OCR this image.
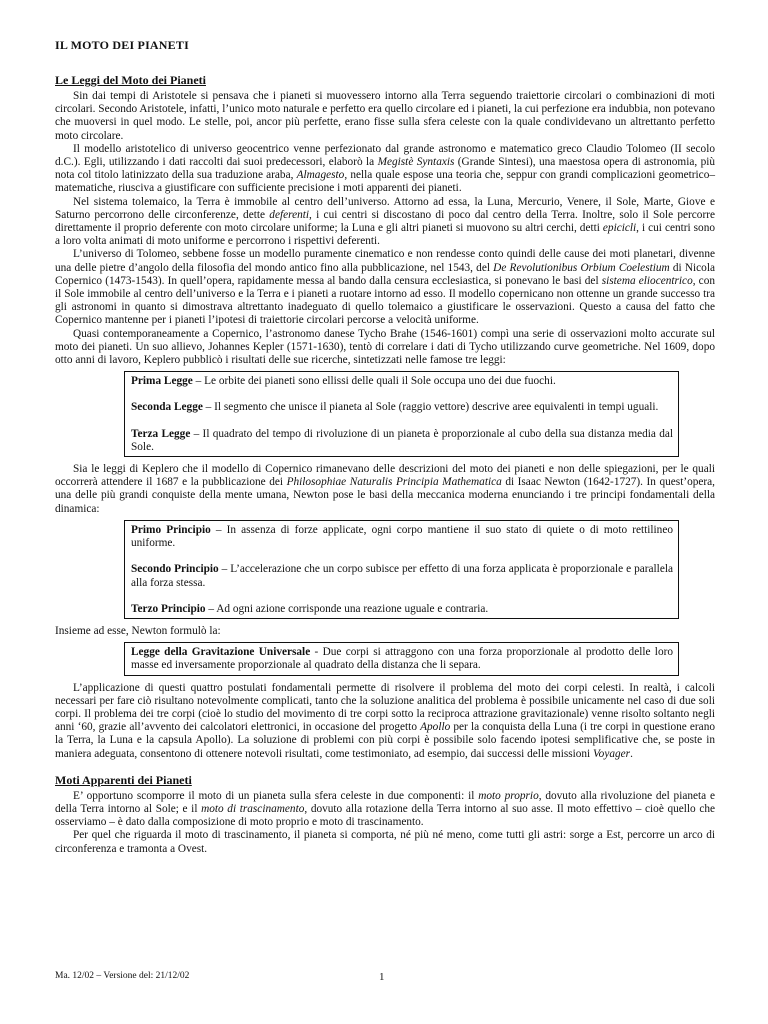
IL MOTO DEI PIANETI
Le Leggi del Moto dei Pianeti

Sin dai tempi di Aristotele si pensava che i pianeti si muovessero intorno alla Terra seguendo traiettorie circolari o combinazioni di moti circolari. Secondo Aristotele, infatti, l’unico moto naturale e perfetto era quello circolare ed i pianeti, la cui perfezione era indubbia, non potevano che muoversi in quel modo. Le stelle, poi, ancor più perfette, erano fisse sulla sfera celeste con la quale condividevano un altrettanto perfetto moto circolare.

Il modello aristotelico di universo geocentrico venne perfezionato dal grande astronomo e matematico greco Claudio Tolomeo (II secolo d.C.). Egli, utilizzando i dati raccolti dai suoi predecessori, elaborò la Megistè Syntaxis (Grande Sintesi), una maestosa opera di astronomia, più nota col titolo latinizzato della sua traduzione araba, Almagesto, nella quale espose una teoria che, seppur con grandi complicazioni geometrico–matematiche, riusciva a giustificare con sufficiente precisione i moti apparenti dei pianeti.

Nel sistema tolemaico, la Terra è immobile al centro dell’universo. Attorno ad essa, la Luna, Mercurio, Venere, il Sole, Marte, Giove e Saturno percorrono delle circonferenze, dette deferenti, i cui centri si discostano di poco dal centro della Terra. Inoltre, solo il Sole percorre direttamente il proprio deferente con moto circolare uniforme; la Luna e gli altri pianeti si muovono su altri cerchi, detti epicicli, i cui centri sono a loro volta animati di moto uniforme e percorrono i rispettivi deferenti.

L’universo di Tolomeo, sebbene fosse un modello puramente cinematico e non rendesse conto quindi delle cause dei moti planetari, divenne una delle pietre d’angolo della filosofia del mondo antico fino alla pubblicazione, nel 1543, del De Revolutionibus Orbium Coelestium di Nicola Copernico (1473-1543). In quell’opera, rapidamente messa al bando dalla censura ecclesiastica, si ponevano le basi del sistema eliocentrico, con il Sole immobile al centro dell’universo e la Terra e i pianeti a ruotare intorno ad esso. Il modello copernicano non ottenne un grande successo tra gli astronomi in quanto si dimostrava altrettanto inadeguato di quello tolemaico a giustificare le osservazioni. Questo a causa del fatto che Copernico mantenne per i pianeti l’ipotesi di traiettorie circolari percorse a velocità uniforme.

Quasi contemporaneamente a Copernico, l’astronomo danese Tycho Brahe (1546-1601) compì una serie di osservazioni molto accurate sul moto dei pianeti. Un suo allievo, Johannes Kepler (1571-1630), tentò di correlare i dati di Tycho utilizzando curve geometriche. Nel 1609, dopo otto anni di lavoro, Keplero pubblicò i risultati delle sue ricerche, sintetizzati nelle famose tre leggi:

Prima Legge – Le orbite dei pianeti sono ellissi delle quali il Sole occupa uno dei due fuochi.

Seconda Legge – Il segmento che unisce il pianeta al Sole (raggio vettore) descrive aree equivalenti in tempi uguali.

Terza Legge – Il quadrato del tempo di rivoluzione di un pianeta è proporzionale al cubo della sua distanza media dal Sole.

Sia le leggi di Keplero che il modello di Copernico rimanevano delle descrizioni del moto dei pianeti e non delle spiegazioni, per le quali occorrerà attendere il 1687 e la pubblicazione dei Philosophiae Naturalis Principia Mathematica di Isaac Newton (1642-1727). In quest’opera, una delle più grandi conquiste della mente umana, Newton pose le basi della meccanica moderna enunciando i tre principi fondamentali della dinamica:

Primo Principio – In assenza di forze applicate, ogni corpo mantiene il suo stato di quiete o di moto rettilineo uniforme.

Secondo Principio – L’accelerazione che un corpo subisce per effetto di una forza applicata è proporzionale e parallela alla forza stessa.

Terzo Principio – Ad ogni azione corrisponde una reazione uguale e contraria.

Insieme ad esse, Newton formulò la:

Legge della Gravitazione Universale - Due corpi si attraggono con una forza proporzionale al prodotto delle loro masse ed inversamente proporzionale al quadrato della distanza che li separa.

L’applicazione di questi quattro postulati fondamentali permette di risolvere il problema del moto dei corpi celesti. In realtà, i calcoli necessari per fare ciò risultano notevolmente complicati, tanto che la soluzione analitica del problema è possibile unicamente nel caso di due soli corpi. Il problema dei tre corpi (cioè lo studio del movimento di tre corpi sotto la reciproca attrazione gravitazionale) venne risolto soltanto negli anni ‘60, grazie all’avvento dei calcolatori elettronici, in occasione del progetto Apollo per la conquista della Luna (i tre corpi in questione erano la Terra, la Luna e la capsula Apollo). La soluzione di problemi con più corpi è possibile solo facendo ipotesi semplificative che, se poste in maniera adeguata, consentono di ottenere notevoli risultati, come testimoniato, ad esempio, dai successi delle missioni Voyager.

Moti Apparenti dei Pianeti

E’ opportuno scomporre il moto di un pianeta sulla sfera celeste in due componenti: il moto proprio, dovuto alla rivoluzione del pianeta e della Terra intorno al Sole; e il moto di trascinamento, dovuto alla rotazione della Terra intorno al suo asse. Il moto effettivo – cioè quello che osserviamo – è dato dalla composizione di moto proprio e moto di trascinamento.

Per quel che riguarda il moto di trascinamento, il pianeta si comporta, né più né meno, come tutti gli astri: sorge a Est, percorre un arco di circonferenza e tramonta a Ovest.

Ma. 12/02 – Versione del: 21/12/02	1
